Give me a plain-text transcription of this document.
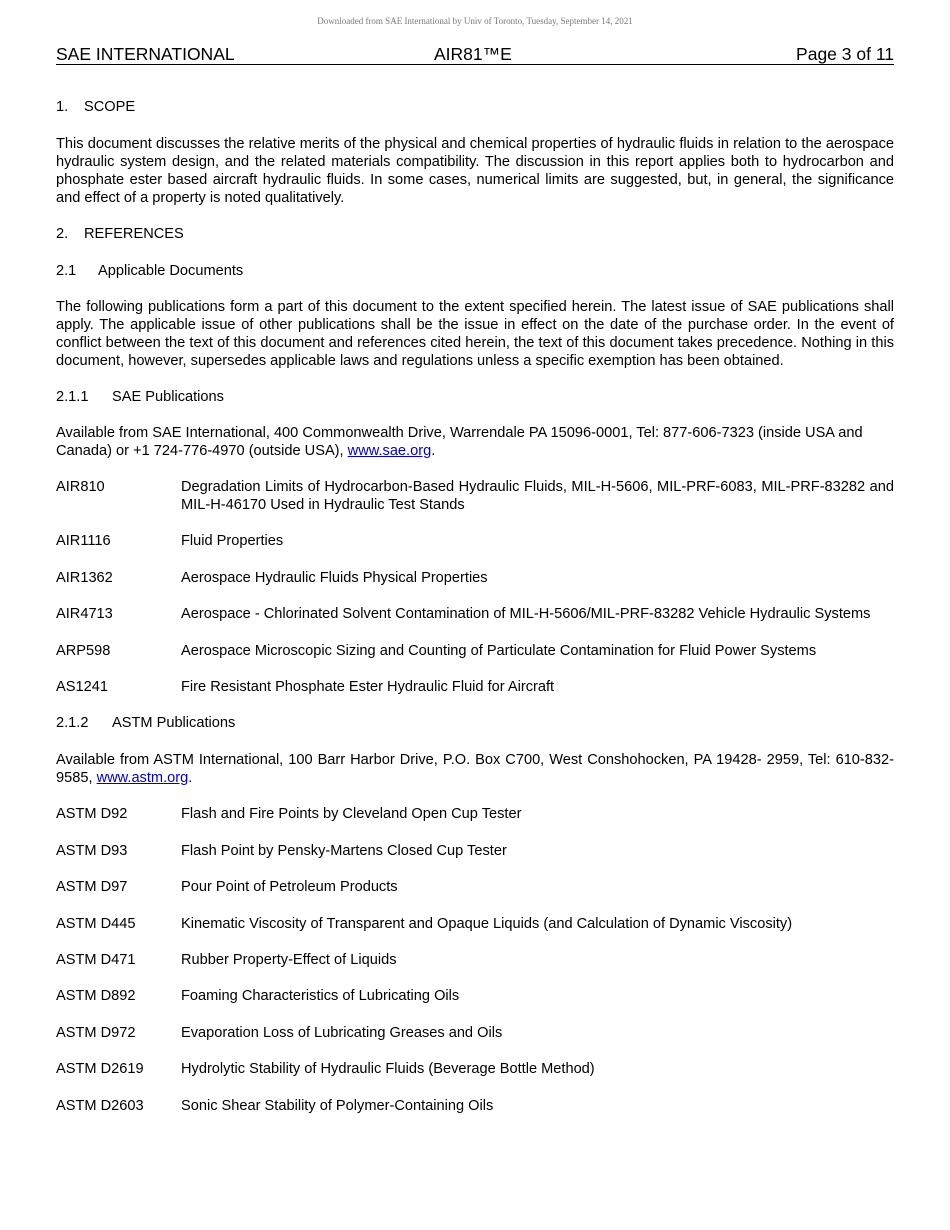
Downloaded from SAE International by Univ of Toronto, Tuesday, September 14, 2021
SAE INTERNATIONAL	AIR81™E	Page 3 of 11

1. SCOPE

This document discusses the relative merits of the physical and chemical properties of hydraulic fluids in relation to the aerospace hydraulic system design, and the related materials compatibility. The discussion in this report applies both to hydrocarbon and phosphate ester based aircraft hydraulic fluids. In some cases, numerical limits are suggested, but, in general, the significance and effect of a property is noted qualitatively.

2. REFERENCES

2.1 Applicable Documents

The following publications form a part of this document to the extent specified herein. The latest issue of SAE publications shall apply. The applicable issue of other publications shall be the issue in effect on the date of the purchase order. In the event of conflict between the text of this document and references cited herein, the text of this document takes precedence. Nothing in this document, however, supersedes applicable laws and regulations unless a specific exemption has been obtained.

2.1.1 SAE Publications

Available from SAE International, 400 Commonwealth Drive, Warrendale PA 15096-0001, Tel: 877-606-7323 (inside USA and Canada) or +1 724-776-4970 (outside USA), www.sae.org.

AIR810	Degradation Limits of Hydrocarbon-Based Hydraulic Fluids, MIL-H-5606, MIL-PRF-6083, MIL-PRF-83282 and MIL-H-46170 Used in Hydraulic Test Stands
AIR1116	Fluid Properties
AIR1362	Aerospace Hydraulic Fluids Physical Properties
AIR4713	Aerospace - Chlorinated Solvent Contamination of MIL-H-5606/MIL-PRF-83282 Vehicle Hydraulic Systems
ARP598	Aerospace Microscopic Sizing and Counting of Particulate Contamination for Fluid Power Systems
AS1241	Fire Resistant Phosphate Ester Hydraulic Fluid for Aircraft

2.1.2 ASTM Publications

Available from ASTM International, 100 Barr Harbor Drive, P.O. Box C700, West Conshohocken, PA 19428- 2959, Tel: 610-832-9585, www.astm.org.

ASTM D92	Flash and Fire Points by Cleveland Open Cup Tester
ASTM D93	Flash Point by Pensky-Martens Closed Cup Tester
ASTM D97	Pour Point of Petroleum Products
ASTM D445	Kinematic Viscosity of Transparent and Opaque Liquids (and Calculation of Dynamic Viscosity)
ASTM D471	Rubber Property-Effect of Liquids
ASTM D892	Foaming Characteristics of Lubricating Oils
ASTM D972	Evaporation Loss of Lubricating Greases and Oils
ASTM D2619	Hydrolytic Stability of Hydraulic Fluids (Beverage Bottle Method)
ASTM D2603	Sonic Shear Stability of Polymer-Containing Oils
